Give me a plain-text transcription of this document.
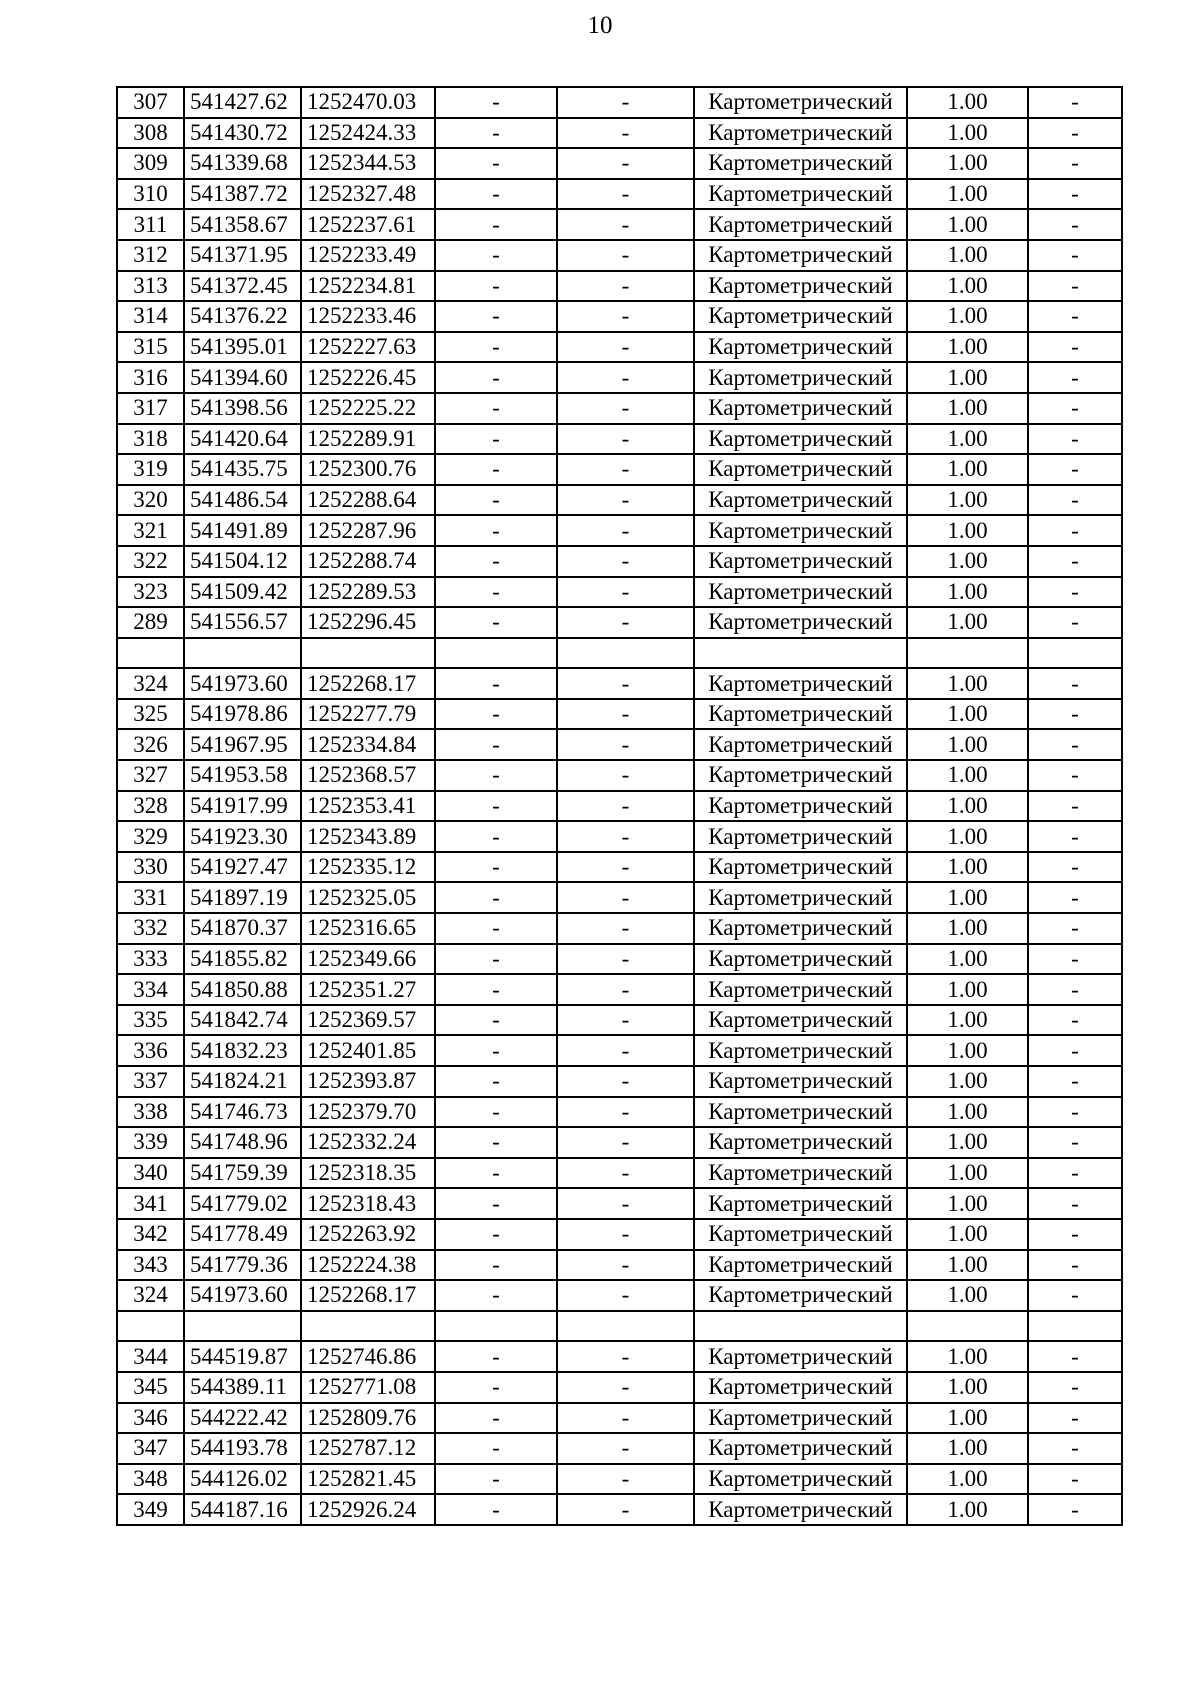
10
307	541427.62	1252470.03	-	-	Картометрический	1.00	-
308	541430.72	1252424.33	-	-	Картометрический	1.00	-
309	541339.68	1252344.53	-	-	Картометрический	1.00	-
310	541387.72	1252327.48	-	-	Картометрический	1.00	-
311	541358.67	1252237.61	-	-	Картометрический	1.00	-
312	541371.95	1252233.49	-	-	Картометрический	1.00	-
313	541372.45	1252234.81	-	-	Картометрический	1.00	-
314	541376.22	1252233.46	-	-	Картометрический	1.00	-
315	541395.01	1252227.63	-	-	Картометрический	1.00	-
316	541394.60	1252226.45	-	-	Картометрический	1.00	-
317	541398.56	1252225.22	-	-	Картометрический	1.00	-
318	541420.64	1252289.91	-	-	Картометрический	1.00	-
319	541435.75	1252300.76	-	-	Картометрический	1.00	-
320	541486.54	1252288.64	-	-	Картометрический	1.00	-
321	541491.89	1252287.96	-	-	Картометрический	1.00	-
322	541504.12	1252288.74	-	-	Картометрический	1.00	-
323	541509.42	1252289.53	-	-	Картометрический	1.00	-
289	541556.57	1252296.45	-	-	Картометрический	1.00	-

324	541973.60	1252268.17	-	-	Картометрический	1.00	-
325	541978.86	1252277.79	-	-	Картометрический	1.00	-
326	541967.95	1252334.84	-	-	Картометрический	1.00	-
327	541953.58	1252368.57	-	-	Картометрический	1.00	-
328	541917.99	1252353.41	-	-	Картометрический	1.00	-
329	541923.30	1252343.89	-	-	Картометрический	1.00	-
330	541927.47	1252335.12	-	-	Картометрический	1.00	-
331	541897.19	1252325.05	-	-	Картометрический	1.00	-
332	541870.37	1252316.65	-	-	Картометрический	1.00	-
333	541855.82	1252349.66	-	-	Картометрический	1.00	-
334	541850.88	1252351.27	-	-	Картометрический	1.00	-
335	541842.74	1252369.57	-	-	Картометрический	1.00	-
336	541832.23	1252401.85	-	-	Картометрический	1.00	-
337	541824.21	1252393.87	-	-	Картометрический	1.00	-
338	541746.73	1252379.70	-	-	Картометрический	1.00	-
339	541748.96	1252332.24	-	-	Картометрический	1.00	-
340	541759.39	1252318.35	-	-	Картометрический	1.00	-
341	541779.02	1252318.43	-	-	Картометрический	1.00	-
342	541778.49	1252263.92	-	-	Картометрический	1.00	-
343	541779.36	1252224.38	-	-	Картометрический	1.00	-
324	541973.60	1252268.17	-	-	Картометрический	1.00	-

344	544519.87	1252746.86	-	-	Картометрический	1.00	-
345	544389.11	1252771.08	-	-	Картометрический	1.00	-
346	544222.42	1252809.76	-	-	Картометрический	1.00	-
347	544193.78	1252787.12	-	-	Картометрический	1.00	-
348	544126.02	1252821.45	-	-	Картометрический	1.00	-
349	544187.16	1252926.24	-	-	Картометрический	1.00	-
